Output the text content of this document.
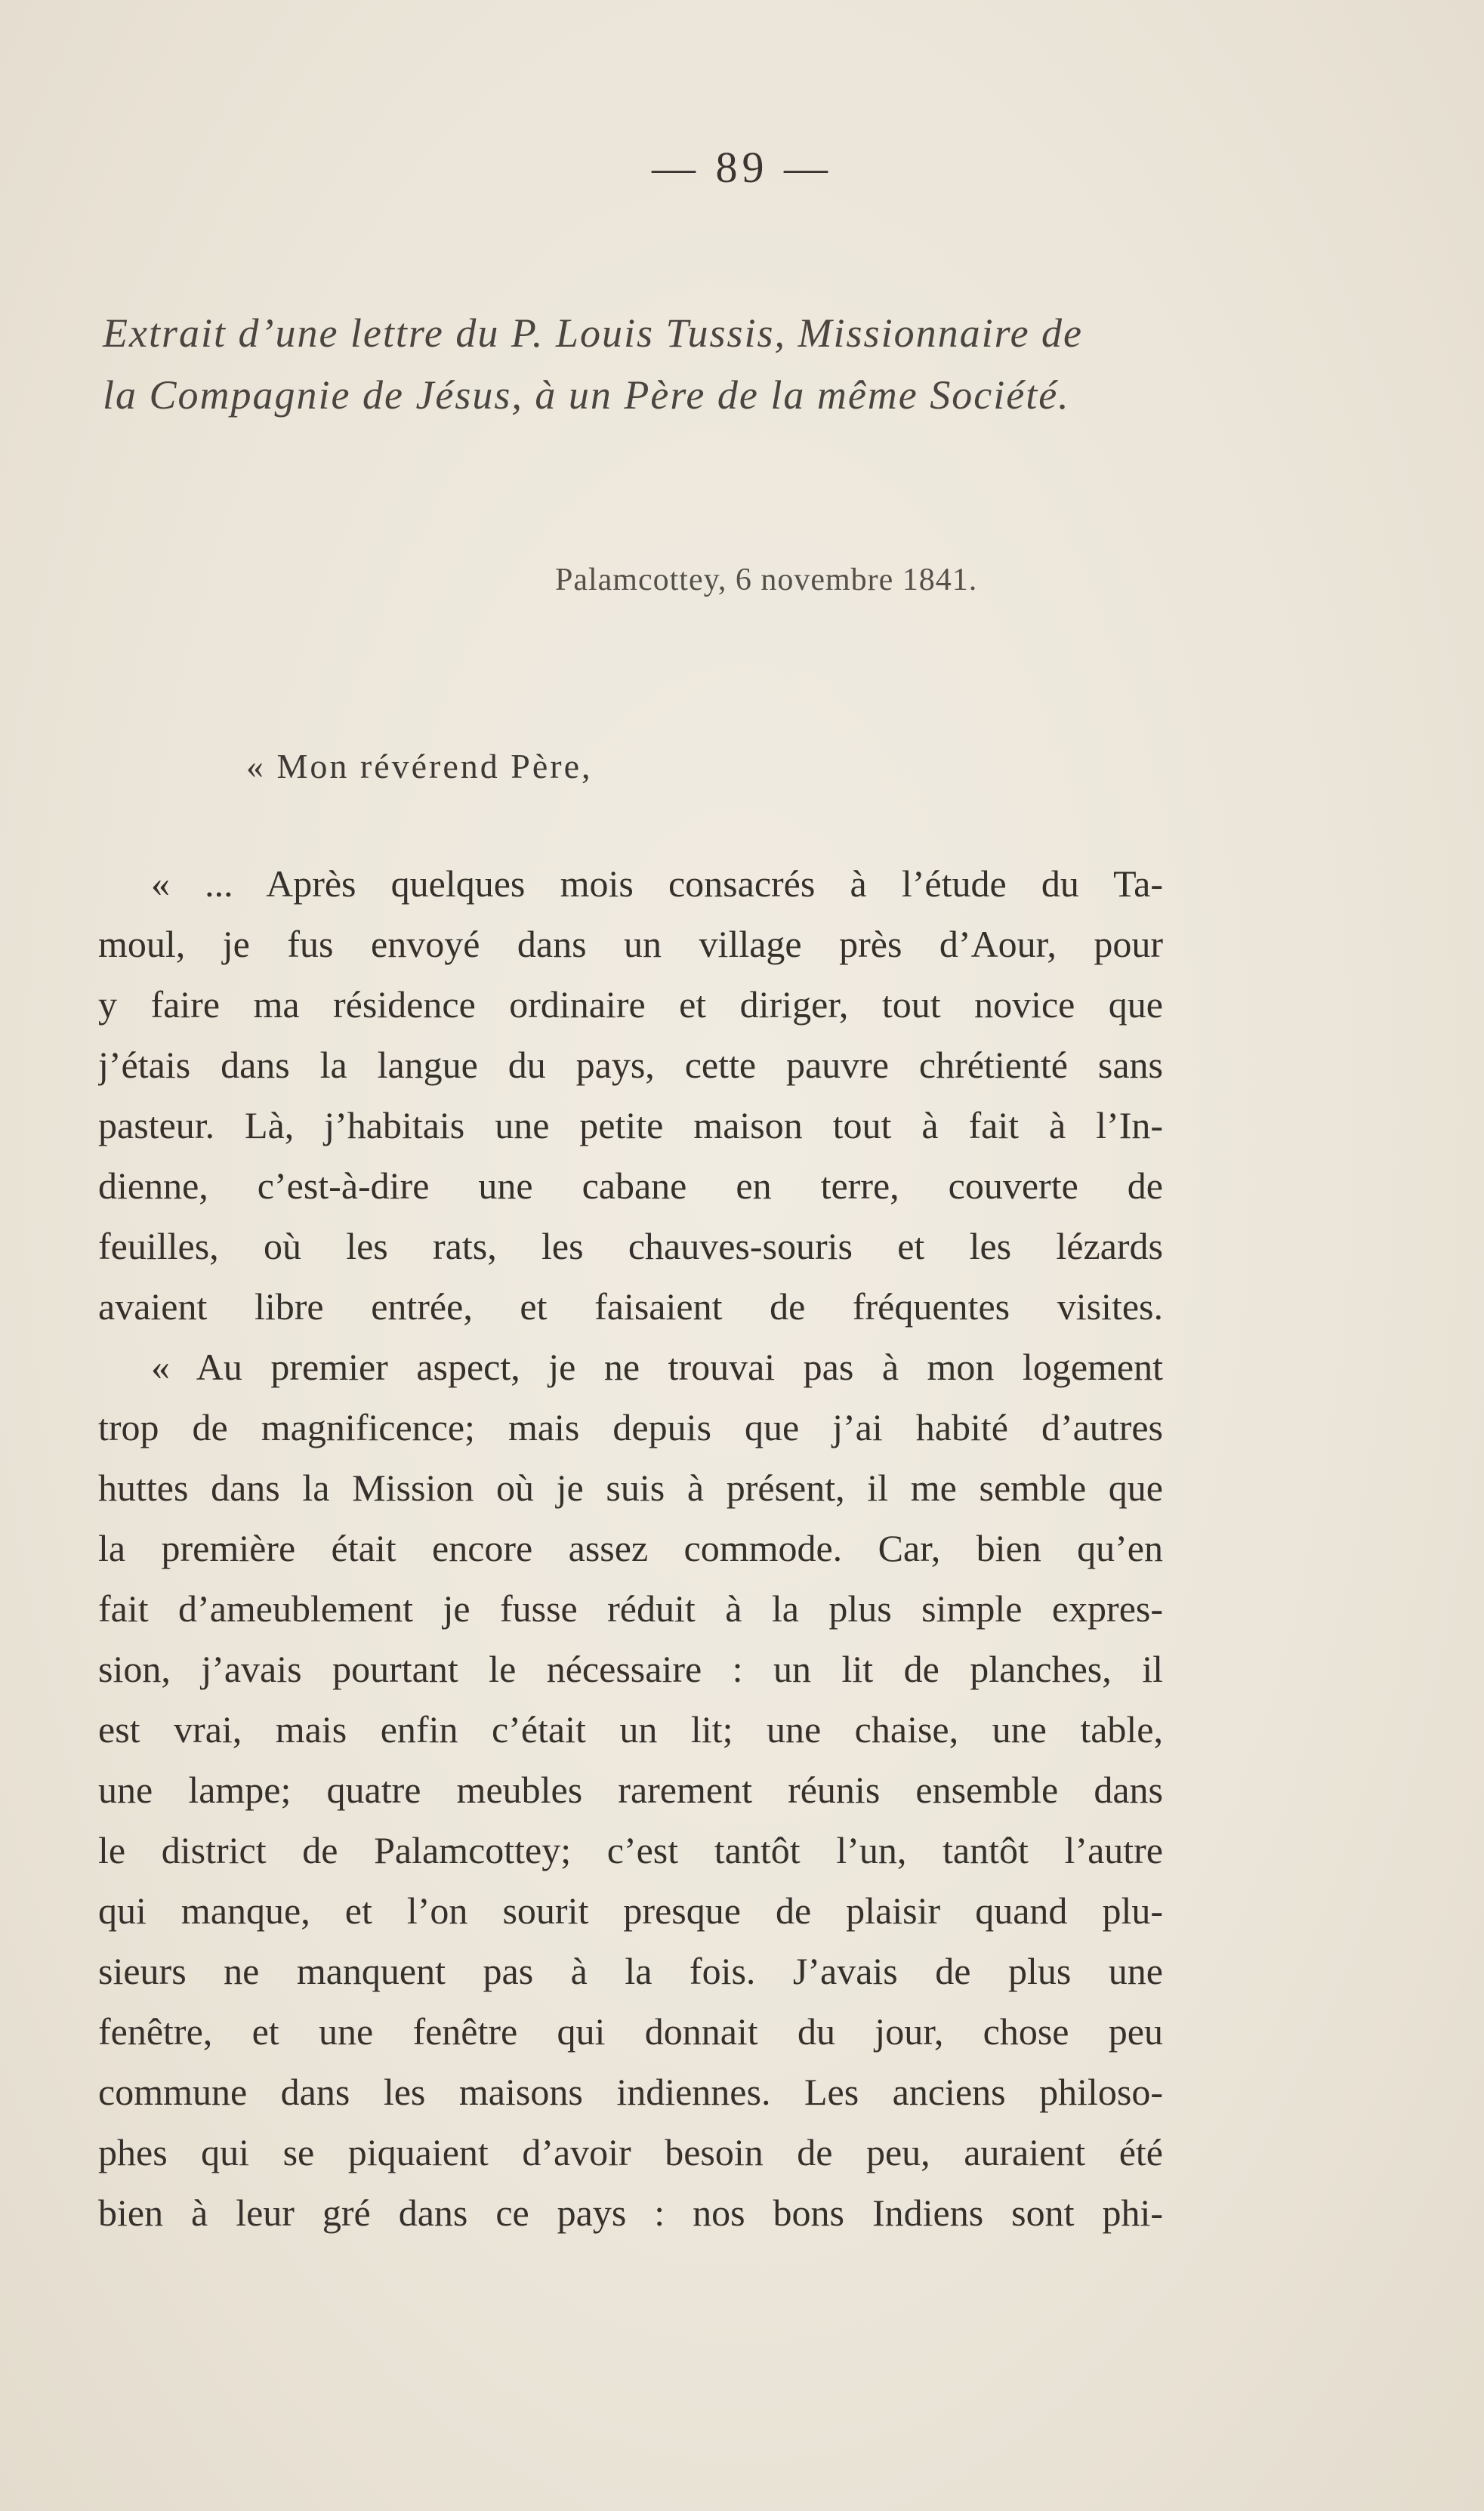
— 89 —
Extrait d’une lettre du P. Louis Tussis, Missionnaire de
la Compagnie de Jésus, à un Père de la même Société.
Palamcottey, 6 novembre 1841.
« Mon révérend Père,
« ... Après quelques mois consacrés à l’étude du Ta-
moul, je fus envoyé dans un village près d’Aour, pour
y faire ma résidence ordinaire et diriger, tout novice que
j’étais dans la langue du pays, cette pauvre chrétienté sans
pasteur. Là, j’habitais une petite maison tout à fait à l’In-
dienne, c’est-à-dire une cabane en terre, couverte de
feuilles, où les rats, les chauves-souris et les lézards
avaient libre entrée, et faisaient de fréquentes visites.
« Au premier aspect, je ne trouvai pas à mon logement
trop de magnificence; mais depuis que j’ai habité d’autres
huttes dans la Mission où je suis à présent, il me semble que
la première était encore assez commode. Car, bien qu’en
fait d’ameublement je fusse réduit à la plus simple expres-
sion, j’avais pourtant le nécessaire : un lit de planches, il
est vrai, mais enfin c’était un lit; une chaise, une table,
une lampe; quatre meubles rarement réunis ensemble dans
le district de Palamcottey; c’est tantôt l’un, tantôt l’autre
qui manque, et l’on sourit presque de plaisir quand plu-
sieurs ne manquent pas à la fois. J’avais de plus une
fenêtre, et une fenêtre qui donnait du jour, chose peu
commune dans les maisons indiennes. Les anciens philoso-
phes qui se piquaient d’avoir besoin de peu, auraient été
bien à leur gré dans ce pays : nos bons Indiens sont phi-
